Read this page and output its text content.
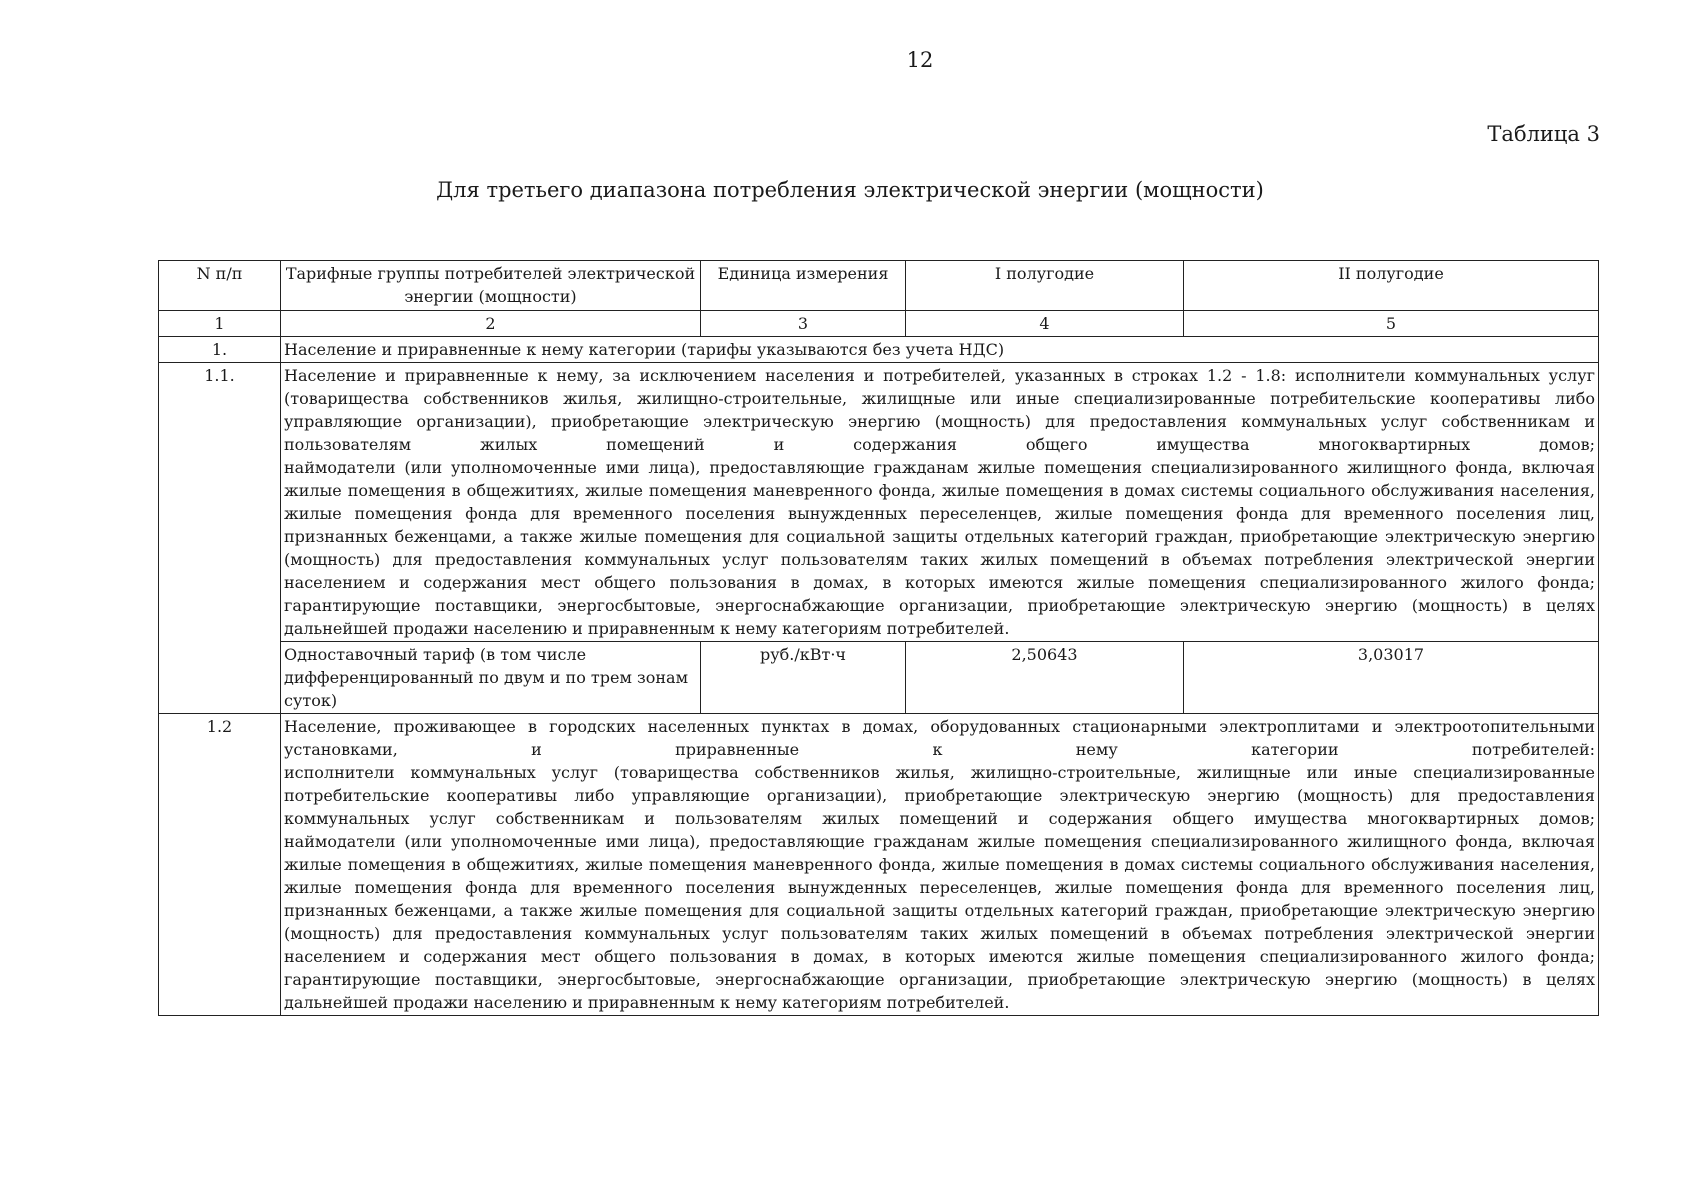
12
Таблица 3
Для третьего диапазона потребления электрической энергии (мощности)
N п/п	Тарифные группы потребителей электрической энергии (мощности)	Единица измерения	I полугодие	II полугодие
1	2	3	4	5
1.	Население и приравненные к нему категории (тарифы указываются без учета НДС)			
1.1.	Население и приравненные к нему, за исключением населения и потребителей, указанных в строках 1.2 - 1.8: исполнители коммунальных услуг (товарищества собственников жилья, жилищно-строительные, жилищные или иные специализированные потребительские кооперативы либо управляющие организации), приобретающие электрическую энергию (мощность) для предоставления коммунальных услуг собственникам и пользователям жилых помещений и содержания общего имущества многоквартирных домов;
наймодатели (или уполномоченные ими лица), предоставляющие гражданам жилые помещения специализированного жилищного фонда, включая жилые помещения в общежитиях, жилые помещения маневренного фонда, жилые помещения в домах системы социального обслуживания населения, жилые помещения фонда для временного поселения вынужденных переселенцев, жилые помещения фонда для временного поселения лиц, признанных беженцами, а также жилые помещения для социальной защиты отдельных категорий граждан, приобретающие электрическую энергию (мощность) для предоставления коммунальных услуг пользователям таких жилых помещений в объемах потребления электрической энергии населением и содержания мест общего пользования в домах, в которых имеются жилые помещения специализированного жилого фонда;
гарантирующие поставщики, энергосбытовые, энергоснабжающие организации, приобретающие электрическую энергию (мощность) в целях дальнейшей продажи населению и приравненным к нему категориям потребителей.			

	Одноставочный тариф (в том числе дифференцированный по двум и по трем зонам суток)	руб./кВт·ч	2,50643	3,03017
1.2	Население, проживающее в городских населенных пунктах в домах, оборудованных стационарными электроплитами и электроотопительными установками, и приравненные к нему категории потребителей:
исполнители коммунальных услуг (товарищества собственников жилья, жилищно-строительные, жилищные или иные специализированные потребительские кооперативы либо управляющие организации), приобретающие электрическую энергию (мощность) для предоставления коммунальных услуг собственникам и пользователям жилых помещений и содержания общего имущества многоквартирных домов;
наймодатели (или уполномоченные ими лица), предоставляющие гражданам жилые помещения специализированного жилищного фонда, включая жилые помещения в общежитиях, жилые помещения маневренного фонда, жилые помещения в домах системы социального обслуживания населения, жилые помещения фонда для временного поселения вынужденных переселенцев, жилые помещения фонда для временного поселения лиц, признанных беженцами, а также жилые помещения для социальной защиты отдельных категорий граждан, приобретающие электрическую энергию (мощность) для предоставления коммунальных услуг пользователям таких жилых помещений в объемах потребления электрической энергии населением и содержания мест общего пользования в домах, в которых имеются жилые помещения специализированного жилого фонда;
гарантирующие поставщики, энергосбытовые, энергоснабжающие организации, приобретающие электрическую энергию (мощность) в целях дальнейшей продажи населению и приравненным к нему категориям потребителей.			
